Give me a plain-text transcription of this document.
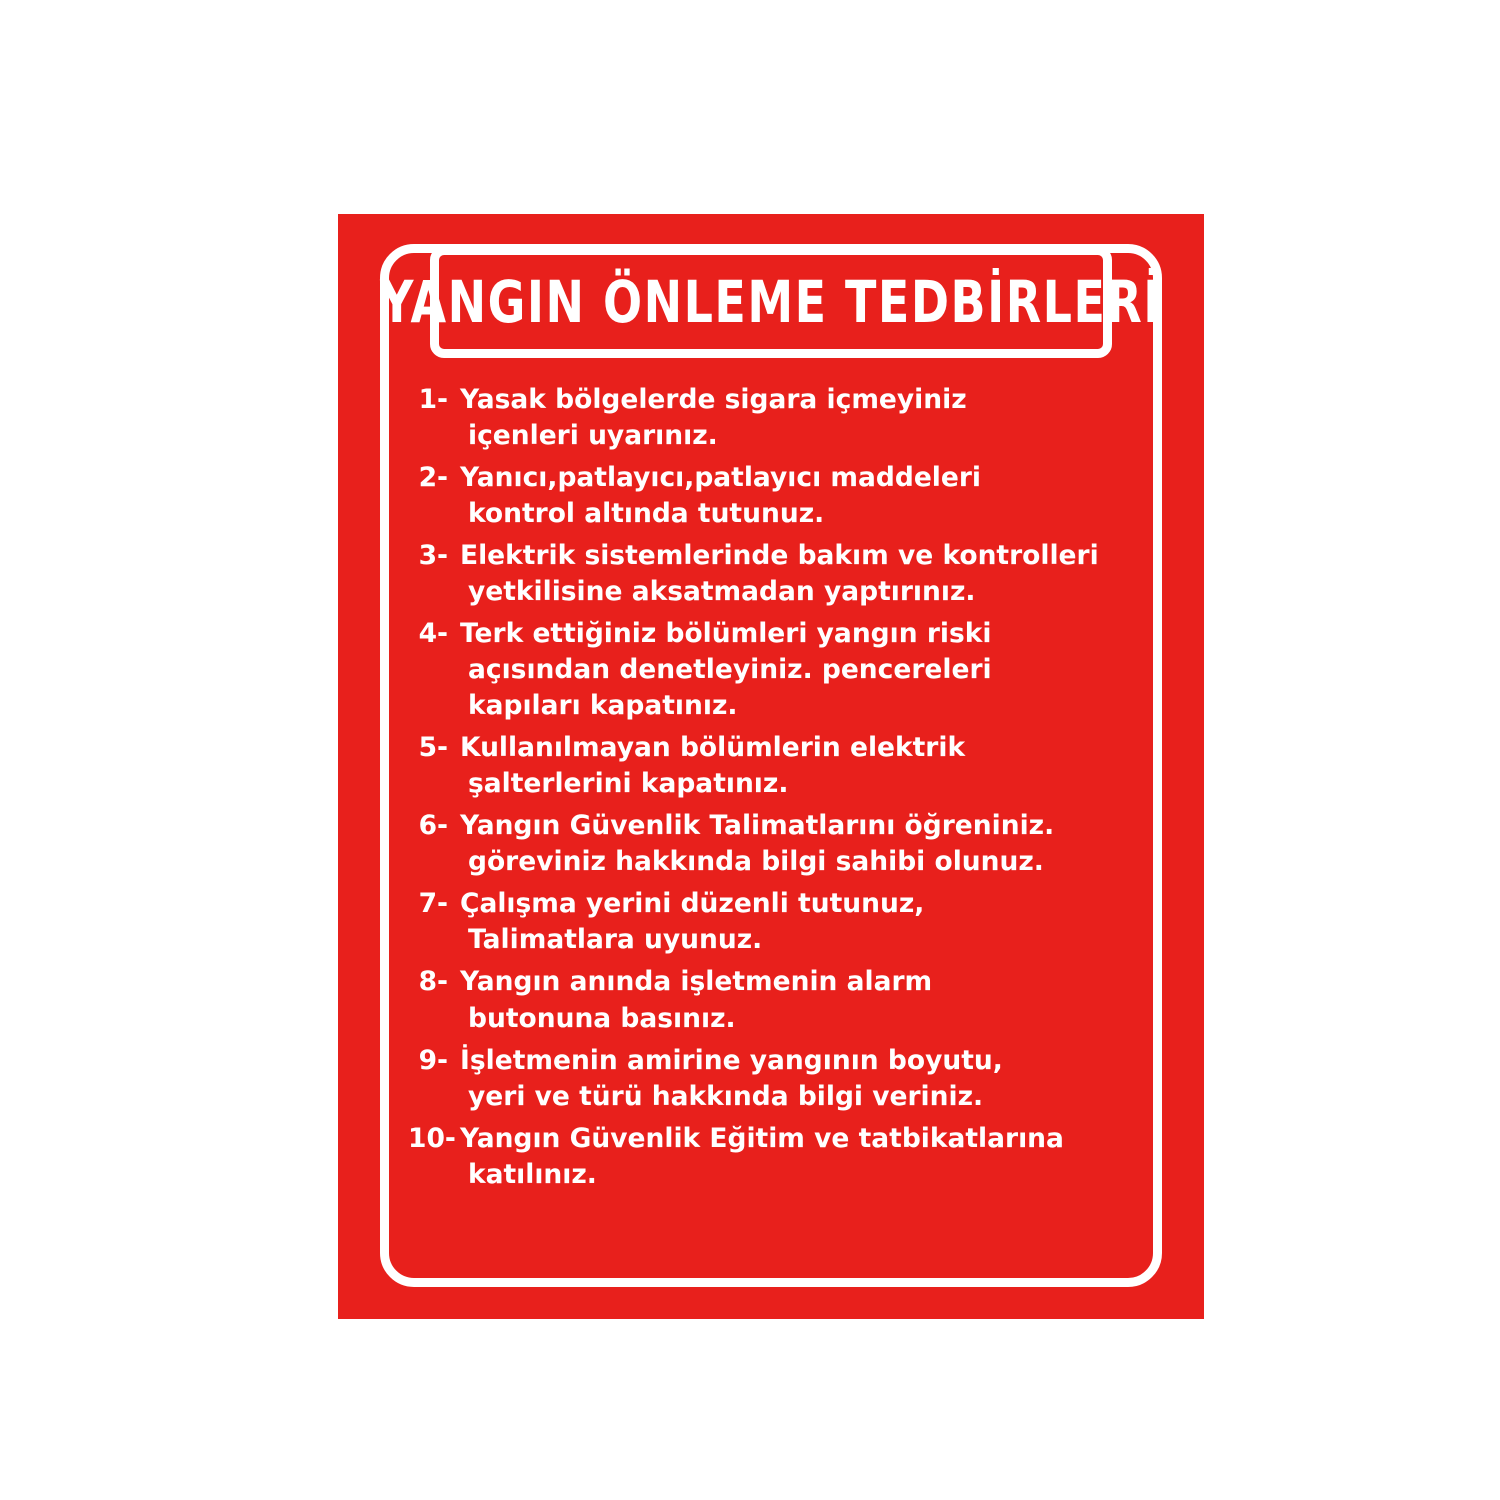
YANGIN ÖNLEME TEDBİRLERİ
1- Yasak bölgelerde sigara içmeyiniz
içenleri uyarınız.
2- Yanıcı,patlayıcı,patlayıcı maddeleri
kontrol altında tutunuz.
3- Elektrik sistemlerinde bakım ve kontrolleri
yetkilisine aksatmadan yaptırınız.
4- Terk ettiğiniz bölümleri yangın riski
açısından denetleyiniz. pencereleri
kapıları kapatınız.
5- Kullanılmayan bölümlerin elektrik
şalterlerini kapatınız.
6- Yangın Güvenlik Talimatlarını öğreniniz.
göreviniz hakkında bilgi sahibi olunuz.
7- Çalışma yerini düzenli tutunuz,
Talimatlara uyunuz.
8- Yangın anında işletmenin alarm
butonuna basınız.
9- İşletmenin amirine yangının boyutu,
yeri ve türü hakkında bilgi veriniz.
10- Yangın Güvenlik Eğitim ve tatbikatlarına
katılınız.
